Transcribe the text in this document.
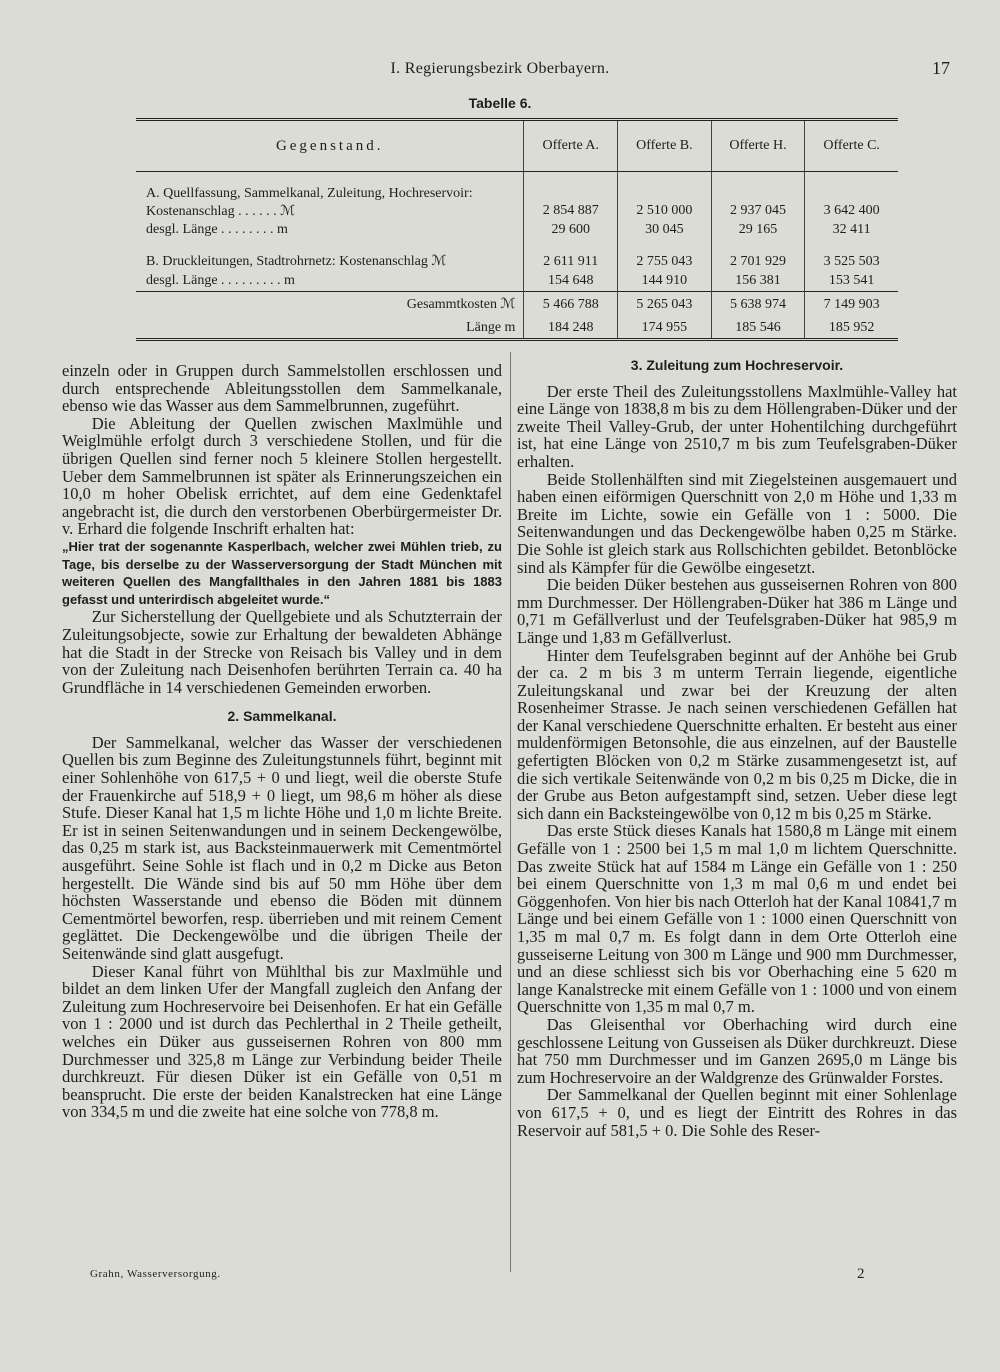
I. Regierungsbezirk Oberbayern.	17
Tabelle 6.
Gegenstand.	Offerte A.	Offerte B.	Offerte H.	Offerte C.

A. Quellfassung, Sammelkanal, Zuleitung, Hochreservoir: Kostenanschlag . . . . . . ℳ	2 854 887	2 510 000	2 937 045	3 642 400
desgl. Länge . . . . . . . . m	29 600	30 045	29 165	32 411

B. Druckleitungen, Stadtrohrnetz: Kostenanschlag ℳ	2 611 911	2 755 043	2 701 929	3 525 503
desgl. Länge . . . . . . . . . m	154 648	144 910	156 381	153 541
Gesammtkosten ℳ	5 466 788	5 265 043	5 638 974	7 149 903
Länge m	184 248	174 955	185 546	185 952

einzeln oder in Gruppen durch Sammelstollen erschlossen und durch entsprechende Ableitungsstollen dem Sammelkanale, ebenso wie das Wasser aus dem Sammelbrunnen, zugeführt.

Die Ableitung der Quellen zwischen Maxlmühle und Weiglmühle erfolgt durch 3 verschiedene Stollen, und für die übrigen Quellen sind ferner noch 5 kleinere Stollen hergestellt. Ueber dem Sammelbrunnen ist später als Erinnerungszeichen ein 10,0 m hoher Obelisk errichtet, auf dem eine Gedenktafel angebracht ist, die durch den verstorbenen Oberbürgermeister Dr. v. Erhard die folgende Inschrift erhalten hat:

„Hier trat der sogenannte Kasperlbach, welcher zwei Mühlen trieb, zu Tage, bis derselbe zu der Wasserversorgung der Stadt München mit weiteren Quellen des Mangfallthales in den Jahren 1881 bis 1883 gefasst und unterirdisch abgeleitet wurde.“

Zur Sicherstellung der Quellgebiete und als Schutzterrain der Zuleitungsobjecte, sowie zur Erhaltung der bewaldeten Abhänge hat die Stadt in der Strecke von Reisach bis Valley und in dem von der Zuleitung nach Deisenhofen berührten Terrain ca. 40 ha Grundfläche in 14 verschiedenen Gemeinden erworben.

2. Sammelkanal.

Der Sammelkanal, welcher das Wasser der verschiedenen Quellen bis zum Beginne des Zuleitungstunnels führt, beginnt mit einer Sohlenhöhe von 617,5 + 0 und liegt, weil die oberste Stufe der Frauenkirche auf 518,9 + 0 liegt, um 98,6 m höher als diese Stufe. Dieser Kanal hat 1,5 m lichte Höhe und 1,0 m lichte Breite. Er ist in seinen Seitenwandungen und in seinem Deckengewölbe, das 0,25 m stark ist, aus Backsteinmauerwerk mit Cementmörtel ausgeführt. Seine Sohle ist flach und in 0,2 m Dicke aus Beton hergestellt. Die Wände sind bis auf 50 mm Höhe über dem höchsten Wasserstande und ebenso die Böden mit dünnem Cementmörtel beworfen, resp. überrieben und mit reinem Cement geglättet. Die Deckengewölbe und die übrigen Theile der Seitenwände sind glatt ausgefugt.

Dieser Kanal führt von Mühlthal bis zur Maxlmühle und bildet an dem linken Ufer der Mangfall zugleich den Anfang der Zuleitung zum Hochreservoire bei Deisenhofen. Er hat ein Gefälle von 1 : 2000 und ist durch das Pechlerthal in 2 Theile getheilt, welches ein Düker aus gusseisernen Rohren von 800 mm Durchmesser und 325,8 m Länge zur Verbindung beider Theile durchkreuzt. Für diesen Düker ist ein Gefälle von 0,51 m beansprucht. Die erste der beiden Kanalstrecken hat eine Länge von 334,5 m und die zweite hat eine solche von 778,8 m.

3. Zuleitung zum Hochreservoir.

Der erste Theil des Zuleitungsstollens Maxlmühle-Valley hat eine Länge von 1838,8 m bis zu dem Höllengraben-Düker und der zweite Theil Valley-Grub, der unter Hohentilching durchgeführt ist, hat eine Länge von 2510,7 m bis zum Teufelsgraben-Düker erhalten.

Beide Stollenhälften sind mit Ziegelsteinen ausgemauert und haben einen eiförmigen Querschnitt von 2,0 m Höhe und 1,33 m Breite im Lichte, sowie ein Gefälle von 1 : 5000. Die Seitenwandungen und das Deckengewölbe haben 0,25 m Stärke. Die Sohle ist gleich stark aus Rollschichten gebildet. Betonblöcke sind als Kämpfer für die Gewölbe eingesetzt.

Die beiden Düker bestehen aus gusseisernen Rohren von 800 mm Durchmesser. Der Höllengraben-Düker hat 386 m Länge und 0,71 m Gefällverlust und der Teufelsgraben-Düker hat 985,9 m Länge und 1,83 m Gefällverlust.

Hinter dem Teufelsgraben beginnt auf der Anhöhe bei Grub der ca. 2 m bis 3 m unterm Terrain liegende, eigentliche Zuleitungskanal und zwar bei der Kreuzung der alten Rosenheimer Strasse. Je nach seinen verschiedenen Gefällen hat der Kanal verschiedene Querschnitte erhalten. Er besteht aus einer muldenförmigen Betonsohle, die aus einzelnen, auf der Baustelle gefertigten Blöcken von 0,2 m Stärke zusammengesetzt ist, auf die sich vertikale Seitenwände von 0,2 m bis 0,25 m Dicke, die in der Grube aus Beton aufgestampft sind, setzen. Ueber diese legt sich dann ein Backsteingewölbe von 0,12 m bis 0,25 m Stärke.

Das erste Stück dieses Kanals hat 1580,8 m Länge mit einem Gefälle von 1 : 2500 bei 1,5 m mal 1,0 m lichtem Querschnitte. Das zweite Stück hat auf 1584 m Länge ein Gefälle von 1 : 250 bei einem Querschnitte von 1,3 m mal 0,6 m und endet bei Göggenhofen. Von hier bis nach Otterloh hat der Kanal 10841,7 m Länge und bei einem Gefälle von 1 : 1000 einen Querschnitt von 1,35 m mal 0,7 m. Es folgt dann in dem Orte Otterloh eine gusseiserne Leitung von 300 m Länge und 900 mm Durchmesser, und an diese schliesst sich bis vor Oberhaching eine 5 620 m lange Kanalstrecke mit einem Gefälle von 1 : 1000 und von einem Querschnitte von 1,35 m mal 0,7 m.

Das Gleisenthal vor Oberhaching wird durch eine geschlossene Leitung von Gusseisen als Düker durchkreuzt. Diese hat 750 mm Durchmesser und im Ganzen 2695,0 m Länge bis zum Hochreservoire an der Waldgrenze des Grünwalder Forstes.

Der Sammelkanal der Quellen beginnt mit einer Sohlenlage von 617,5 + 0, und es liegt der Eintritt des Rohres in das Reservoir auf 581,5 + 0. Die Sohle des Reser-

Grahn, Wasserversorgung.	2
